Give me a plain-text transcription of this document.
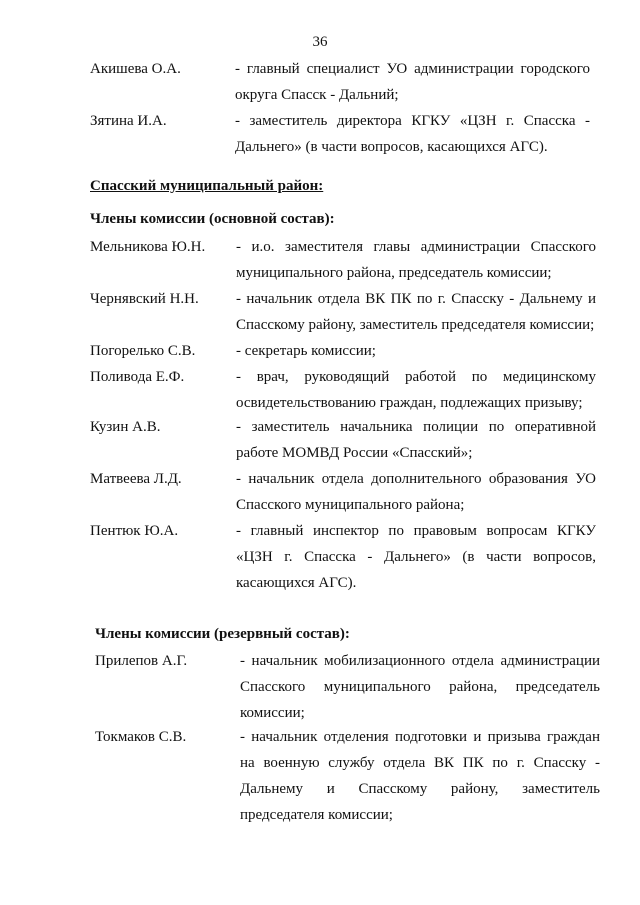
36
Акишева О.А.	- главный специалист УО администрации городского округа Спасск - Дальний;
Зятина И.А.	- заместитель директора КГКУ «ЦЗН г. Спасска - Дальнего» (в части вопросов, касающихся АГС).
Спасский муниципальный район:
Члены комиссии (основной состав):
Мельникова Ю.Н. - и.о. заместителя главы администрации Спасского муниципального района, председатель комиссии;
Чернявский Н.Н. - начальник отдела ВК ПК по г. Спасску - Дальнему и Спасскому району, заместитель председателя комиссии;
Погорелько С.В.	- секретарь комиссии;
Поливода Е.Ф.	- врач, руководящий работой по медицинскому освидетельствованию граждан, подлежащих призыву;
Кузин А.В.	- заместитель начальника полиции по оперативной работе МОМВД России «Спасский»;
Матвеева Л.Д.	- начальник отдела дополнительного образования УО Спасского муниципального района;
Пентюк Ю.А.	- главный инспектор по правовым вопросам КГКУ «ЦЗН г. Спасска - Дальнего» (в части вопросов, касающихся АГС).
Члены комиссии (резервный состав):
Прилепов А.Г.	- начальник мобилизационного отдела администрации Спасского муниципального района, председатель комиссии;
Токмаков С.В.	- начальник отделения подготовки и призыва граждан на военную службу отдела ВК ПК по г. Спасску - Дальнему и Спасскому району, заместитель председателя комиссии;
